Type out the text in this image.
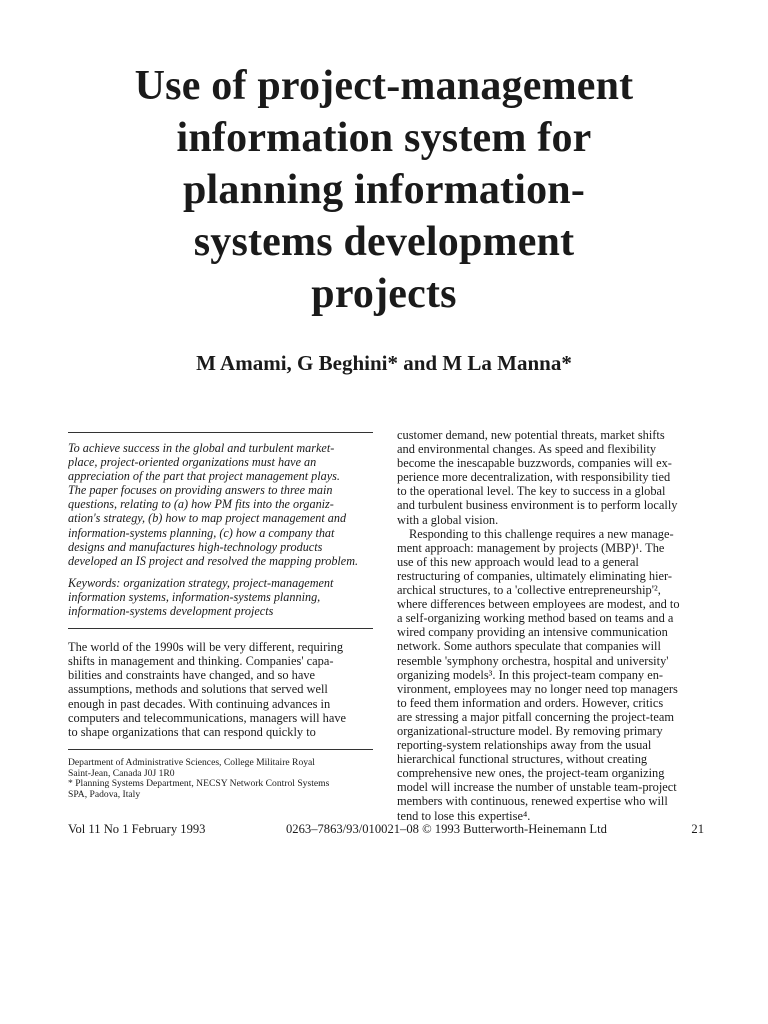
Use of project-management
information system for
planning information-
systems development
projects
M Amami, G Beghini* and M La Manna*
To achieve success in the global and turbulent market-
place, project-oriented organizations must have an
appreciation of the part that project management plays.
The paper focuses on providing answers to three main
questions, relating to (a) how PM fits into the organiz-
ation's strategy, (b) how to map project management and
information-systems planning, (c) how a company that
designs and manufactures high-technology products
developed an IS project and resolved the mapping problem.
Keywords: organization strategy, project-management
information systems, information-systems planning,
information-systems development projects
The world of the 1990s will be very different, requiring
shifts in management and thinking. Companies' capa-
bilities and constraints have changed, and so have
assumptions, methods and solutions that served well
enough in past decades. With continuing advances in
computers and telecommunications, managers will have
to shape organizations that can respond quickly to
Department of Administrative Sciences, College Militaire Royal
Saint-Jean, Canada J0J 1R0
* Planning Systems Department, NECSY Network Control Systems
SPA, Padova, Italy
customer demand, new potential threats, market shifts
and environmental changes. As speed and flexibility
become the inescapable buzzwords, companies will ex-
perience more decentralization, with responsibility tied
to the operational level. The key to success in a global
and turbulent business environment is to perform locally
with a global vision.
Responding to this challenge requires a new manage-
ment approach: management by projects (MBP)¹. The
use of this new approach would lead to a general
restructuring of companies, ultimately eliminating hier-
archical structures, to a 'collective entrepreneurship'²,
where differences between employees are modest, and to
a self-organizing working method based on teams and a
wired company providing an intensive communication
network. Some authors speculate that companies will
resemble 'symphony orchestra, hospital and university'
organizing models³. In this project-team company en-
vironment, employees may no longer need top managers
to feed them information and orders. However, critics
are stressing a major pitfall concerning the project-team
organizational-structure model. By removing primary
reporting-system relationships away from the usual
hierarchical functional structures, without creating
comprehensive new ones, the project-team organizing
model will increase the number of unstable team-project
members with continuous, renewed expertise who will
tend to lose this expertise⁴.
Vol 11 No 1 February 1993	0263–7863/93/010021–08 © 1993 Butterworth-Heinemann Ltd	21
